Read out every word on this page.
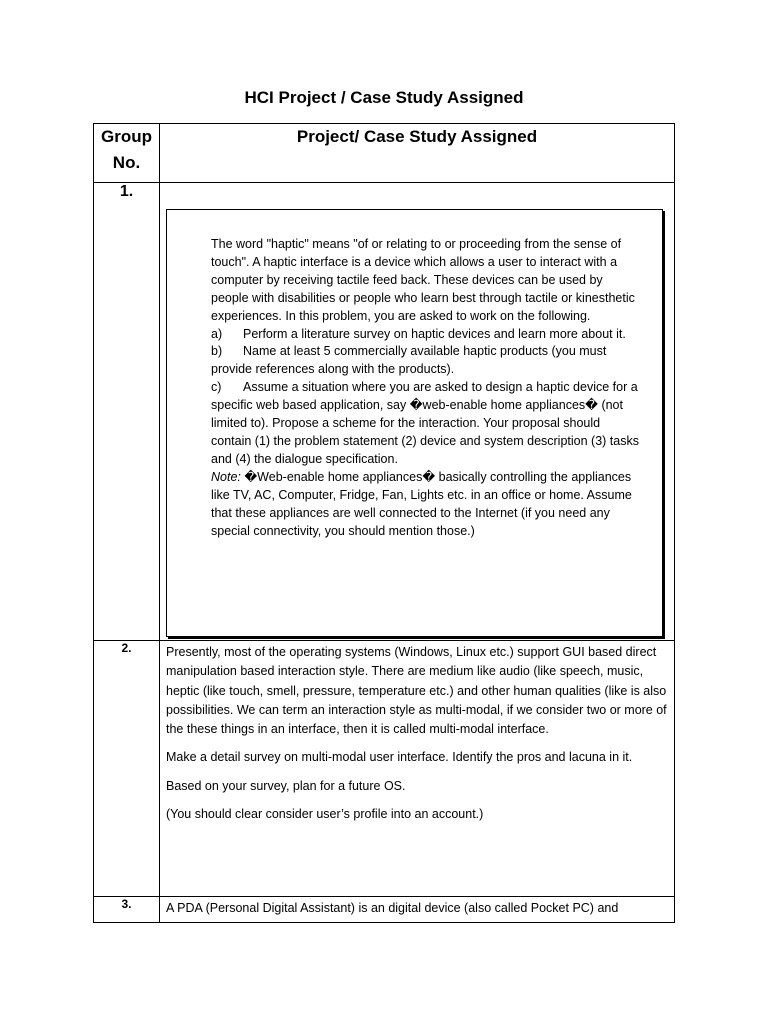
HCI Project / Case Study Assigned
Group No.	Project/ Case Study Assigned
1.	The word "haptic" means "of or relating to or proceeding from the sense of touch". A haptic interface is a device which allows a user to interact with a computer by receiving tactile feed back. These devices can be used by people with disabilities or people who learn best through tactile or kinesthetic experiences. In this problem, you are asked to work on the following.

a) Perform a literature survey on haptic devices and learn more about it.

b) Name at least 5 commercially available haptic products (you must provide references along with the products).

c) Assume a situation where you are asked to design a haptic device for a specific web based application, say �web-enable home appliances� (not limited to). Propose a scheme for the interaction. Your proposal should contain (1) the problem statement (2) device and system description (3) tasks and (4) the dialogue specification.

Note: �Web-enable home appliances� basically controlling the appliances like TV, AC, Computer, Fridge, Fan, Lights etc. in an office or home. Assume that these appliances are well connected to the Internet (if you need any special connectivity, you should mention those.)

2.	Presently, most of the operating systems (Windows, Linux etc.) support GUI based direct manipulation based interaction style. There are medium like audio (like speech, music, heptic (like touch, smell, pressure, temperature etc.) and other human qualities (like is also possibilities. We can term an interaction style as multi-modal, if we consider two or more of the these things in an interface, then it is called multi-modal interface.

Make a detail survey on multi-modal user interface. Identify the pros and lacuna in it.

Based on your survey, plan for a future OS.

(You should clear consider user’s profile into an account.)

3.	A PDA (Personal Digital Assistant) is an digital device (also called Pocket PC) and
